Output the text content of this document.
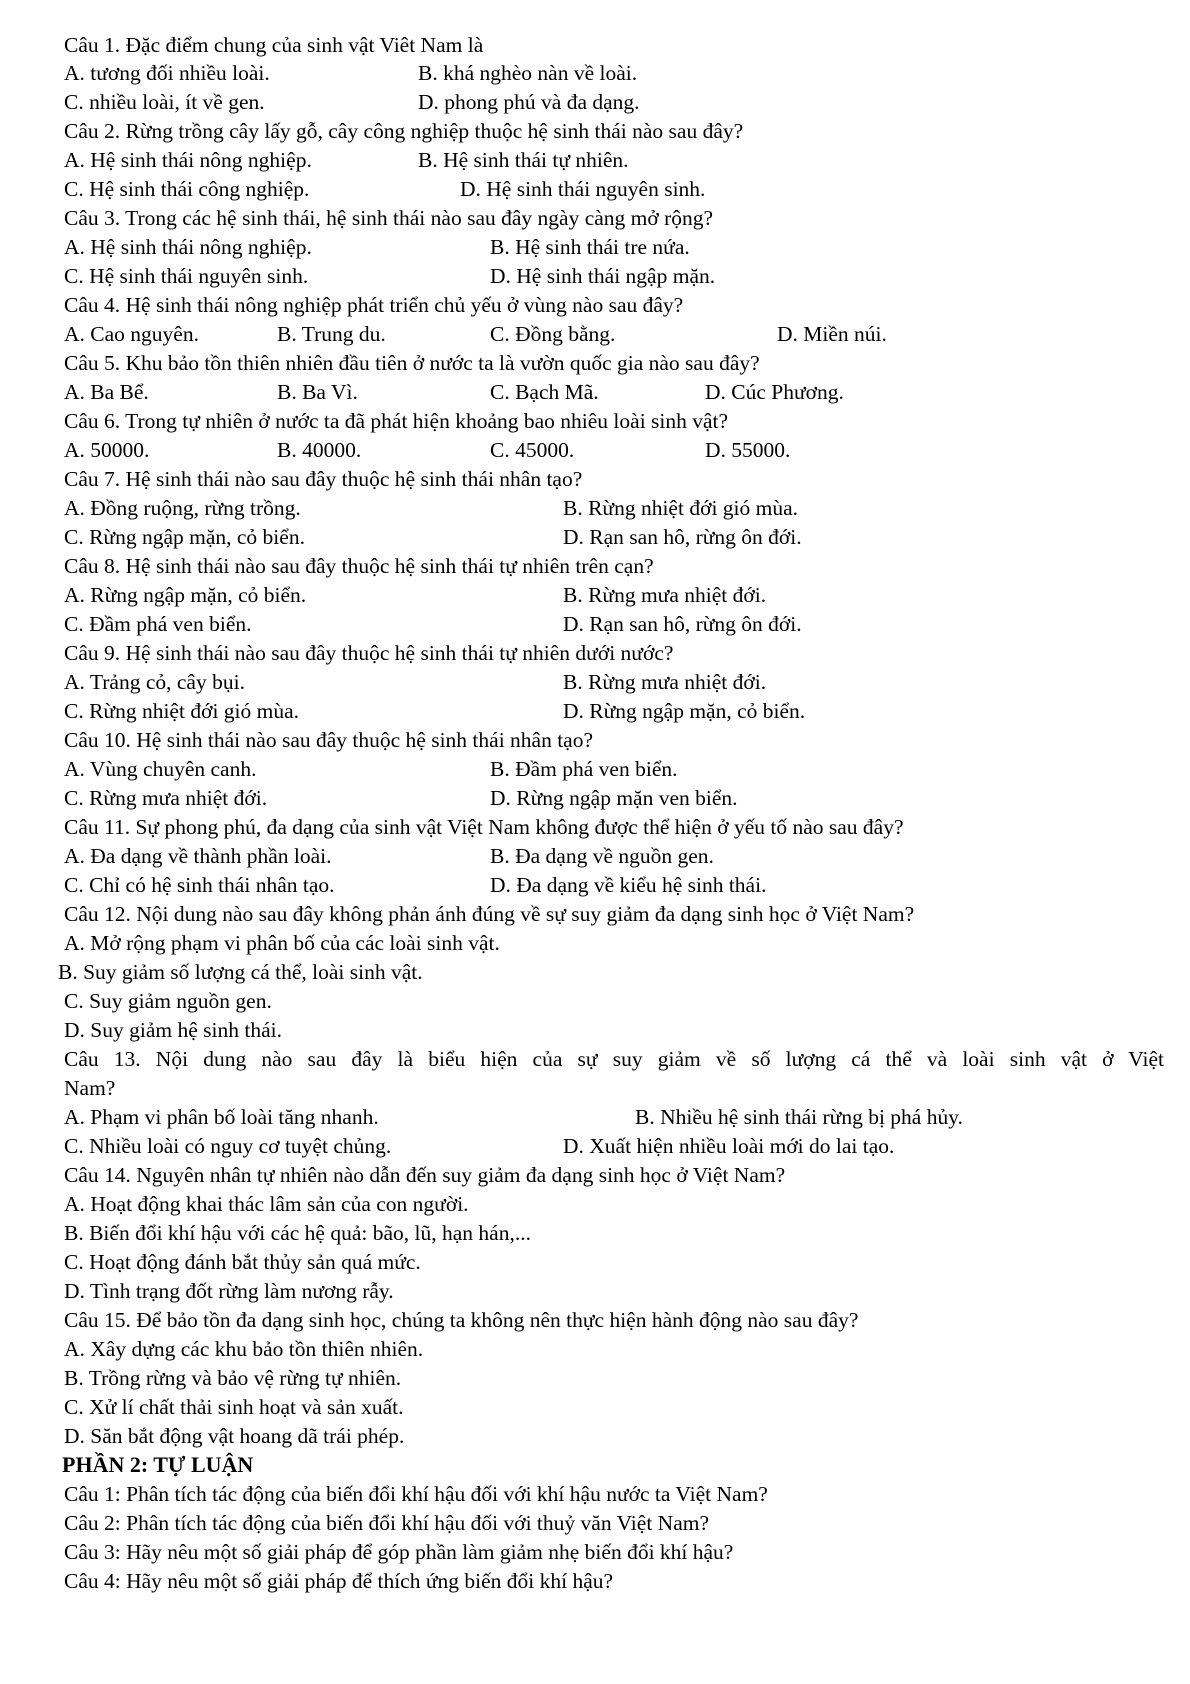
Câu 1. Đặc điểm chung của sinh vật Viêt Nam là
A. tương đối nhiều loài.	B. khá nghèo nàn về loài.
C. nhiều loài, ít về gen.	D. phong phú và đa dạng.
Câu 2. Rừng trồng cây lấy gỗ, cây công nghiệp thuộc hệ sinh thái nào sau đây?
A. Hệ sinh thái nông nghiệp.	B. Hệ sinh thái tự nhiên.
C. Hệ sinh thái công nghiệp.	D. Hệ sinh thái nguyên sinh.
Câu 3. Trong các hệ sinh thái, hệ sinh thái nào sau đây ngày càng mở rộng?
A. Hệ sinh thái nông nghiệp.	B. Hệ sinh thái tre nứa.
C. Hệ sinh thái nguyên sinh.	D. Hệ sinh thái ngập mặn.
Câu 4. Hệ sinh thái nông nghiệp phát triển chủ yếu ở vùng nào sau đây?
A. Cao nguyên.	B. Trung du.	C. Đồng bằng.	D. Miền núi.
Câu 5. Khu bảo tồn thiên nhiên đầu tiên ở nước ta là vườn quốc gia nào sau đây?
A. Ba Bể.	B. Ba Vì.	C. Bạch Mã.	D. Cúc Phương.
Câu 6. Trong tự nhiên ở nước ta đã phát hiện khoảng bao nhiêu loài sinh vật?
A. 50000.	B. 40000.	C. 45000.	D. 55000.
Câu 7. Hệ sinh thái nào sau đây thuộc hệ sinh thái nhân tạo?
A. Đồng ruộng, rừng trồng.	B. Rừng nhiệt đới gió mùa.
C. Rừng ngập mặn, cỏ biển.	D. Rạn san hô, rừng ôn đới.
Câu 8. Hệ sinh thái nào sau đây thuộc hệ sinh thái tự nhiên trên cạn?
A. Rừng ngập mặn, cỏ biển.	B. Rừng mưa nhiệt đới.
C. Đầm phá ven biển.	D. Rạn san hô, rừng ôn đới.
Câu 9. Hệ sinh thái nào sau đây thuộc hệ sinh thái tự nhiên dưới nước?
A. Trảng cỏ, cây bụi.	B. Rừng mưa nhiệt đới.
C. Rừng nhiệt đới gió mùa.	D. Rừng ngập mặn, cỏ biển.
Câu 10. Hệ sinh thái nào sau đây thuộc hệ sinh thái nhân tạo?
A. Vùng chuyên canh.	B. Đầm phá ven biển.
C. Rừng mưa nhiệt đới.	D. Rừng ngập mặn ven biển.
Câu 11. Sự phong phú, đa dạng của sinh vật Việt Nam không được thể hiện ở yếu tố nào sau đây?
A. Đa dạng về thành phần loài.	B. Đa dạng về nguồn gen.
C. Chỉ có hệ sinh thái nhân tạo.	D. Đa dạng về kiểu hệ sinh thái.
Câu 12. Nội dung nào sau đây không phản ánh đúng về sự suy giảm đa dạng sinh học ở Việt Nam?
A. Mở rộng phạm vi phân bố của các loài sinh vật.
B. Suy giảm số lượng cá thể, loài sinh vật.
C. Suy giảm nguồn gen.
D. Suy giảm hệ sinh thái.
Câu 13. Nội dung nào sau đây là biểu hiện của sự suy giảm về số lượng cá thể và loài sinh vật ở Việt
Nam?
A. Phạm vi phân bố loài tăng nhanh.	B. Nhiều hệ sinh thái rừng bị phá hủy.
C. Nhiều loài có nguy cơ tuyệt chủng.	D. Xuất hiện nhiều loài mới do lai tạo.
Câu 14. Nguyên nhân tự nhiên nào dẫn đến suy giảm đa dạng sinh học ở Việt Nam?
A. Hoạt động khai thác lâm sản của con người.
B. Biến đổi khí hậu với các hệ quả: bão, lũ, hạn hán,...
C. Hoạt động đánh bắt thủy sản quá mức.
D. Tình trạng đốt rừng làm nương rẫy.
Câu 15. Để bảo tồn đa dạng sinh học, chúng ta không nên thực hiện hành động nào sau đây?
A. Xây dựng các khu bảo tồn thiên nhiên.
B. Trồng rừng và bảo vệ rừng tự nhiên.
C. Xử lí chất thải sinh hoạt và sản xuất.
D. Săn bắt động vật hoang dã trái phép.
PHẦN 2: TỰ LUẬN
Câu 1: Phân tích tác động của biến đổi khí hậu đối với khí hậu nước ta Việt Nam?
Câu 2: Phân tích tác động của biến đổi khí hậu đối với thuỷ văn Việt Nam?
Câu 3: Hãy nêu một số giải pháp để góp phần làm giảm nhẹ biến đổi khí hậu?
Câu 4: Hãy nêu một số giải pháp để thích ứng biến đổi khí hậu?
